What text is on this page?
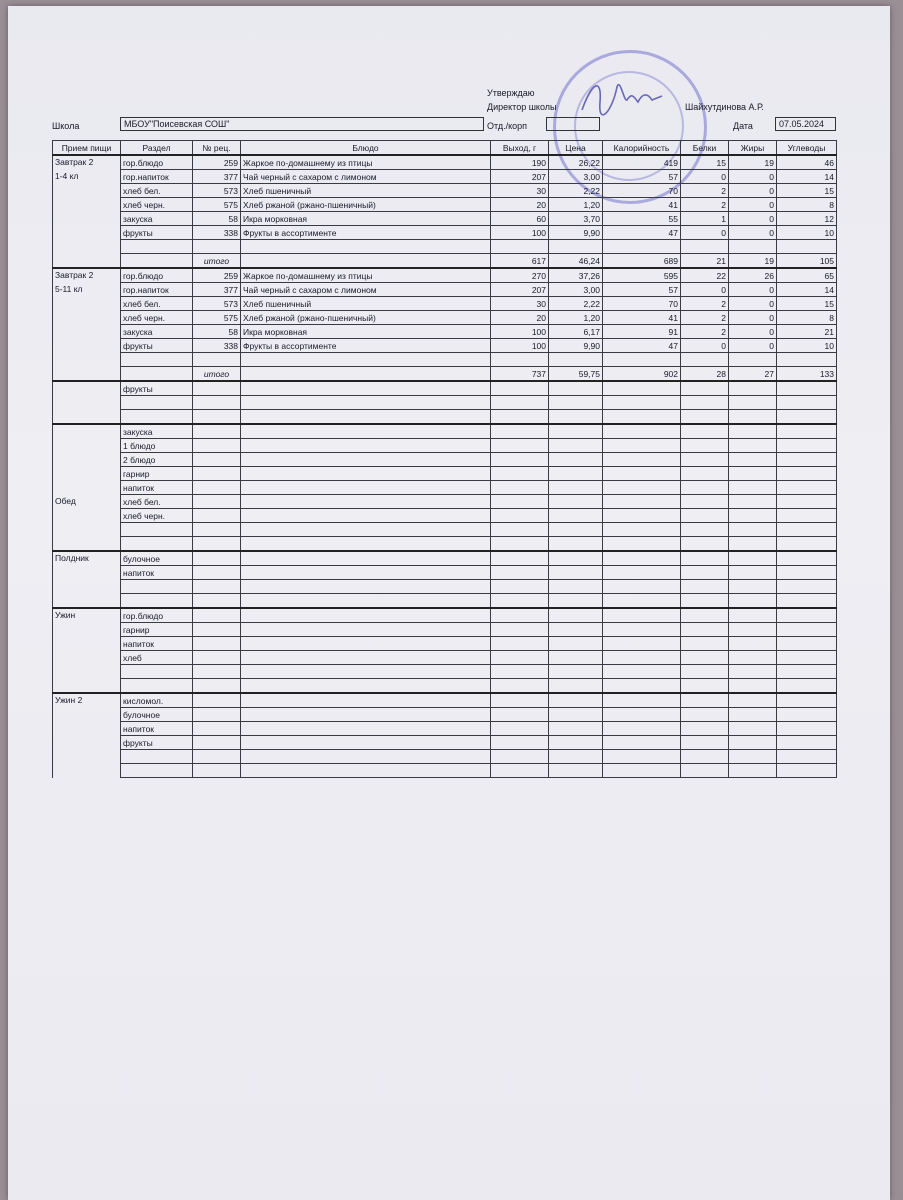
Утверждаю
Директор школы	Шайхутдинова А.Р.
Школа	МБОУ"Поисевская СОШ"	Отд./корп	Дата	07.05.2024
Прием пищи	Раздел	№ рец.	Блюдо	Выход, г	Цена	Калорийность	Белки	Жиры	Углеводы
Завтрак 2	гор.блюдо	259	Жаркое по-домашнему из птицы	190	26,22	419	15	19	46
1-4 кл	гор.напиток	377	Чай черный с сахаром с лимоном	207	3,00	57	0	0	14
	хлеб бел.	573	Хлеб пшеничный	30	2,22	70	2	0	15
	хлеб черн.	575	Хлеб ржаной (ржано-пшеничный)	20	1,20	41	2	0	8
	закуска	58	Икра морковная	60	3,70	55	1	0	12
	фрукты	338	Фрукты в ассортименте	100	9,90	47	0	0	10

		итого		617	46,24	689	21	19	105
Завтрак 2	гор.блюдо	259	Жаркое по-домашнему из птицы	270	37,26	595	22	26	65
5-11 кл	гор.напиток	377	Чай черный с сахаром с лимоном	207	3,00	57	0	0	14
	хлеб бел.	573	Хлеб пшеничный	30	2,22	70	2	0	15
	хлеб черн.	575	Хлеб ржаной (ржано-пшеничный)	20	1,20	41	2	0	8
	закуска	58	Икра морковная	100	6,17	91	2	0	21
	фрукты	338	Фрукты в ассортименте	100	9,90	47	0	0	10

		итого		737	59,75	902	28	27	133
	фрукты								

	закуска								
	1 блюдо								
	2 блюдо								
	гарнир								
	напиток								
Обед	хлеб бел.								
	хлеб черн.								

Полдник	булочное								
	напиток								

Ужин	гор.блюдо								
	гарнир								
	напиток								
	хлеб								

Ужин 2	кисломол.								
	булочное								
	напиток								
	фрукты								
